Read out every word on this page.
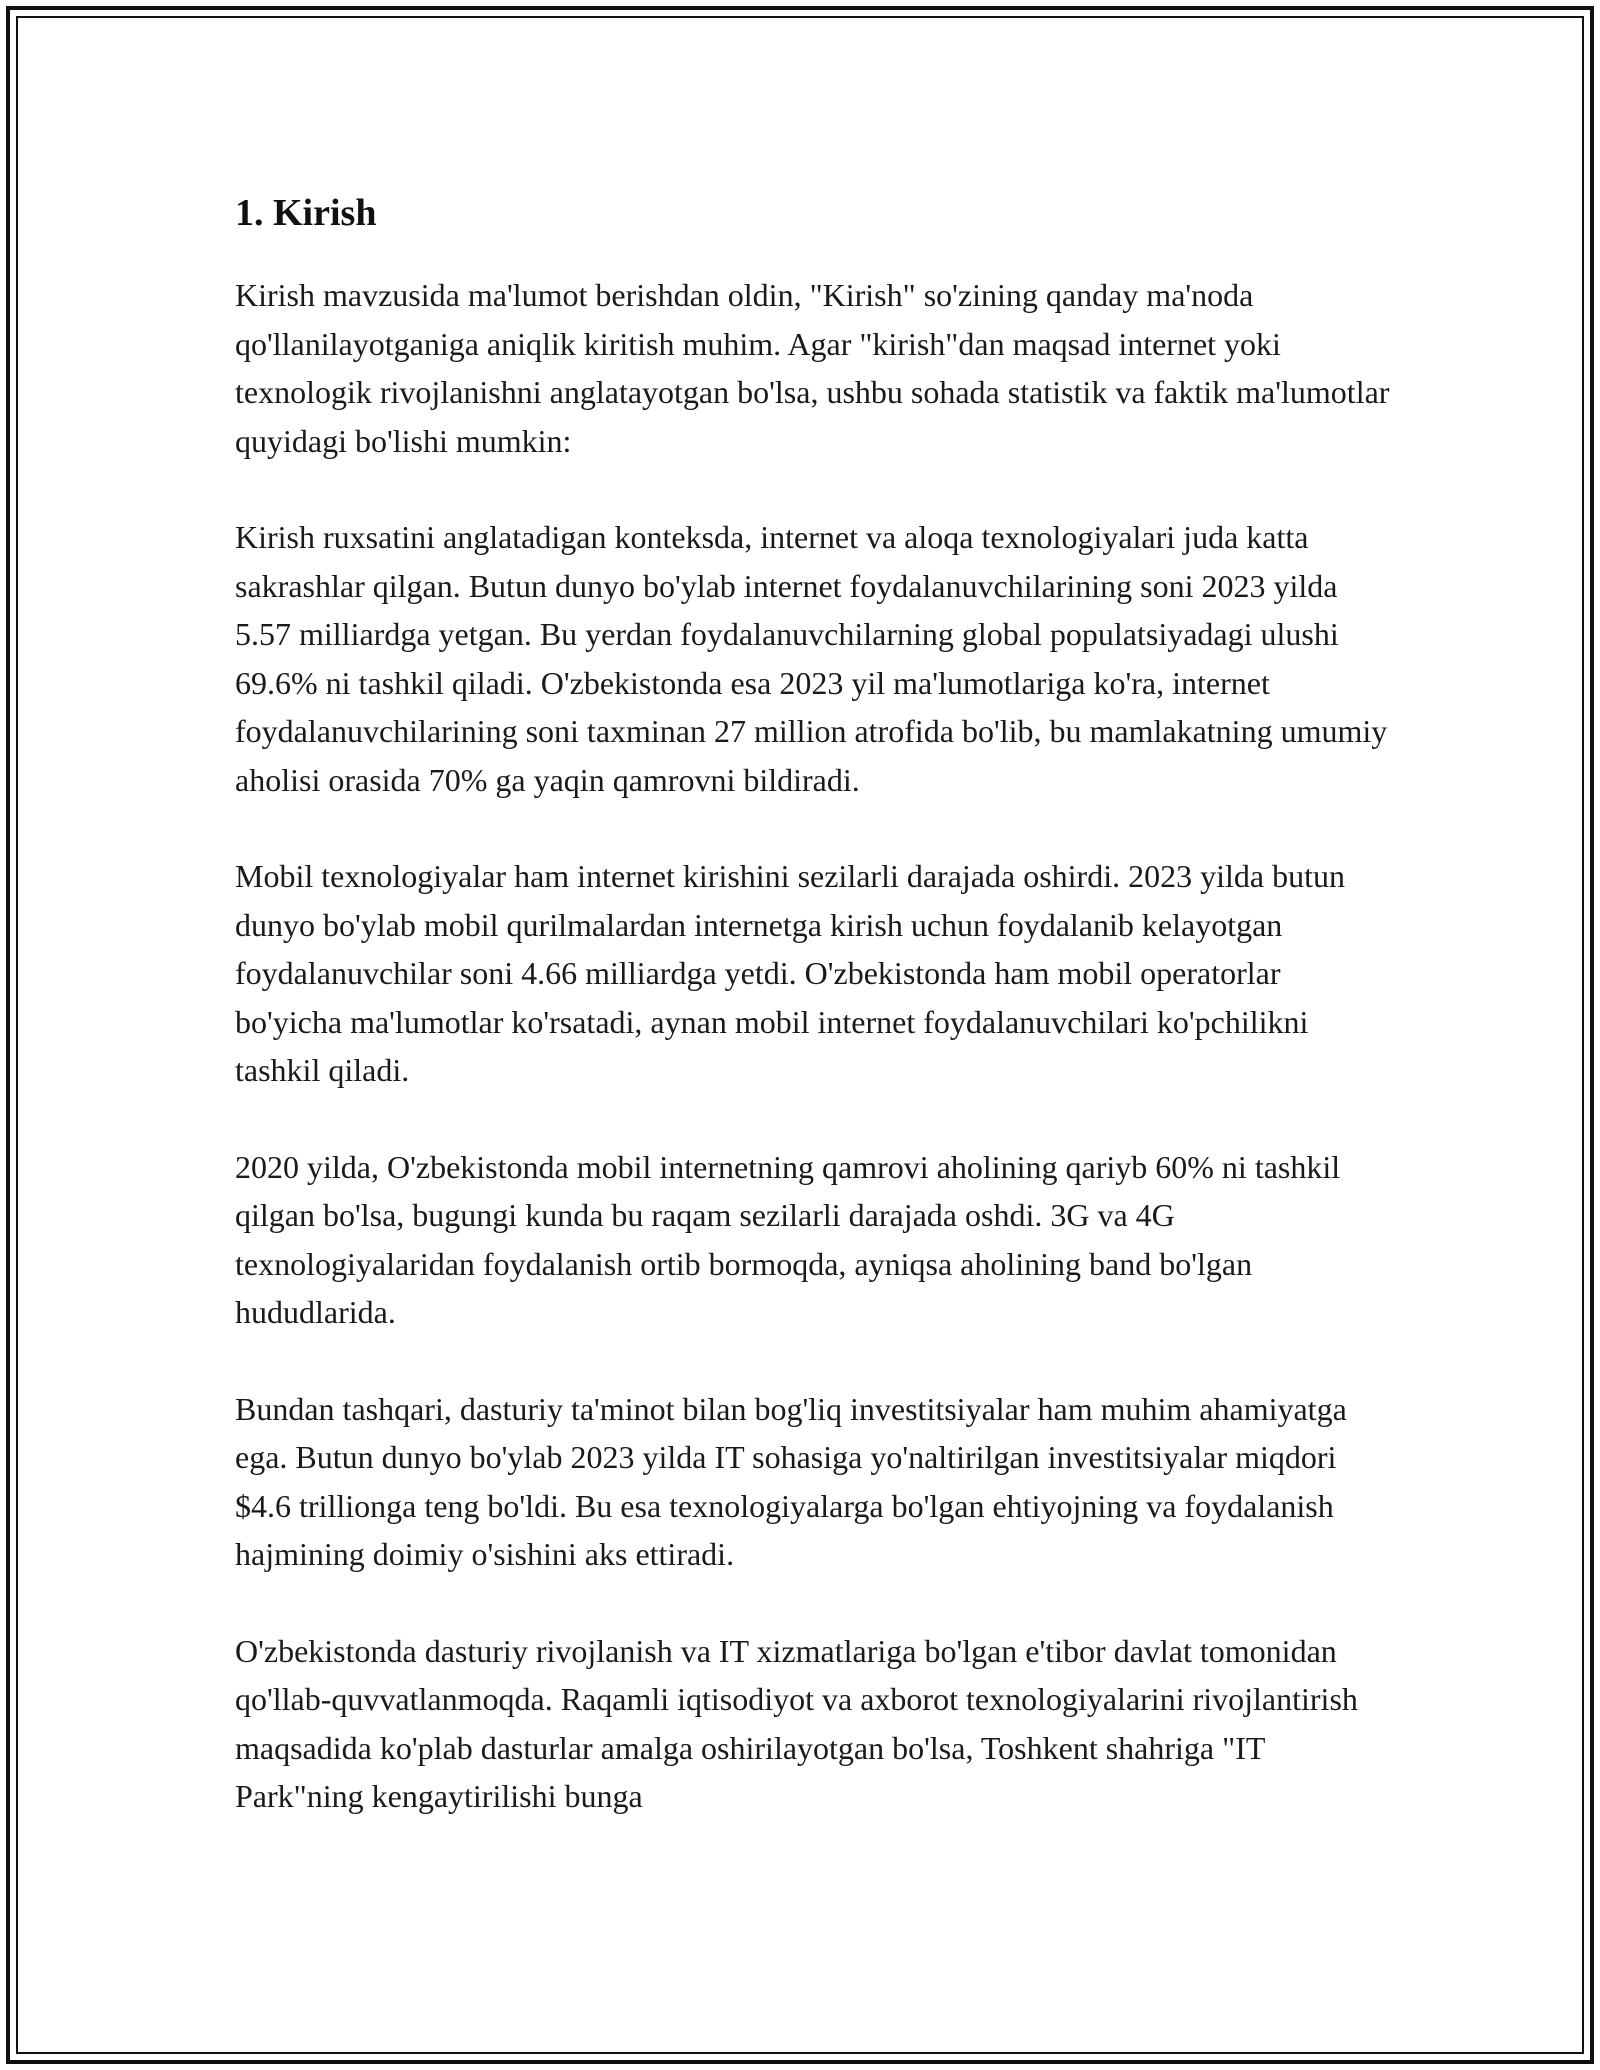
1. Kirish

Kirish mavzusida ma'lumot berishdan oldin, "Kirish" so'zining qanday ma'noda qo'llanilayotganiga aniqlik kiritish muhim. Agar "kirish"dan maqsad internet yoki texnologik rivojlanishni anglatayotgan bo'lsa, ushbu sohada statistik va faktik ma'lumotlar quyidagi bo'lishi mumkin:

Kirish ruxsatini anglatadigan konteksda, internet va aloqa texnologiyalari juda katta sakrashlar qilgan. Butun dunyo bo'ylab internet foydalanuvchilarining soni 2023 yilda 5.57 milliardga yetgan. Bu yerdan foydalanuvchilarning global populatsiyadagi ulushi 69.6% ni tashkil qiladi. O'zbekistonda esa 2023 yil ma'lumotlariga ko'ra, internet foydalanuvchilarining soni taxminan 27 million atrofida bo'lib, bu mamlakatning umumiy aholisi orasida 70% ga yaqin qamrovni bildiradi.

Mobil texnologiyalar ham internet kirishini sezilarli darajada oshirdi. 2023 yilda butun dunyo bo'ylab mobil qurilmalardan internetga kirish uchun foydalanib kelayotgan foydalanuvchilar soni 4.66 milliardga yetdi. O'zbekistonda ham mobil operatorlar bo'yicha ma'lumotlar ko'rsatadi, aynan mobil internet foydalanuvchilari ko'pchilikni tashkil qiladi.

2020 yilda, O'zbekistonda mobil internetning qamrovi aholining qariyb 60% ni tashkil qilgan bo'lsa, bugungi kunda bu raqam sezilarli darajada oshdi. 3G va 4G texnologiyalaridan foydalanish ortib bormoqda, ayniqsa aholining band bo'lgan hududlarida.

Bundan tashqari, dasturiy ta'minot bilan bog'liq investitsiyalar ham muhim ahamiyatga ega. Butun dunyo bo'ylab 2023 yilda IT sohasiga yo'naltirilgan investitsiyalar miqdori $4.6 trillionga teng bo'ldi. Bu esa texnologiyalarga bo'lgan ehtiyojning va foydalanish hajmining doimiy o'sishini aks ettiradi.

O'zbekistonda dasturiy rivojlanish va IT xizmatlariga bo'lgan e'tibor davlat tomonidan qo'llab-quvvatlanmoqda. Raqamli iqtisodiyot va axborot texnologiyalarini rivojlantirish maqsadida ko'plab dasturlar amalga oshirilayotgan bo'lsa, Toshkent shahriga "IT Park"ning kengaytirilishi bunga
